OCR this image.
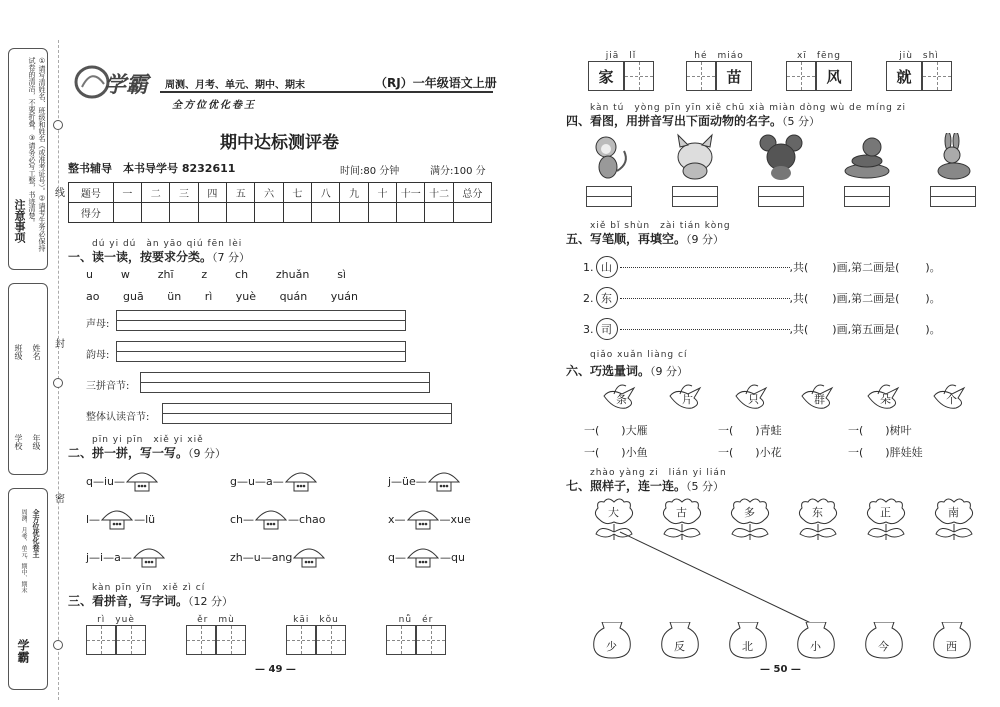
注意事项
①请写清姓名、班级和姓名（或准考证号）。②请考生务必保持试卷的清洁，不要折叠。③请务必写工整，书迹清楚。
学校
班级
年级
姓名
全方位优化卷王
周测、月考、单元、期中、期末
学霸
线
封
密
学霸 周测、月考、单元、期中、期末	（RJ）一年级语文上册
全方位优化卷王
期中达标测评卷
整书辅导　本书导学号 8232611	时间:80 分钟	满分:100 分
题号	一	二	三	四	五	六	七	八	九	十	十一	十二	总分
得分													
dú yi dú　àn yāo qiú fēn lèi
一、读一读，按要求分类。（7 分）
u	w	zhī	z	ch	zhuǎn	sì
ao guā ün rì yuè quán yuán
声母:
韵母:
三拼音节:
整体认读音节:
pīn yi pīn　xiě yi xiě
二、拼一拼，写一写。（9 分）
q—iu—	g—u—a—	j—üe—
l—	—lü	ch—	—chao	x—	—xue
j—i—a—	zh—u—ang	q—	—qu
kàn pīn yīn　xiě zì cí
三、看拼音，写字词。（12 分）
rì　yuè	ěr　mù	kāi　kǒu	nǚ　ér
— 49 —
jiā　lǐ
家
hé　miáo
苗
xī　fēng
风
jiù　shì
就
kàn tú　yòng pīn yīn xiě chū xià miàn dòng wù de míng zi
四、看图，用拼音写出下面动物的名字。（5 分）
xiě bǐ shùn　zài tián kòng
五、写笔顺，再填空。（9 分）
1. 山	,共( )画,第二画是( )。
2. 东	,共( )画,第二画是( )。
3. 司	,共( )画,第五画是( )。
qiǎo xuǎn liàng cí
六、巧选量词。（9 分）
条	片	只	群	朵	个
一(　　)大雁	一(　　)青蛙	一(　　)树叶
一(　　)小鱼	一(　　)小花	一(　　)胖娃娃
zhào yàng zi　lián yi lián
七、照样子，连一连。（5 分）
大	古	多	东	正	南
少	反	北	小	今	西
— 50 —
